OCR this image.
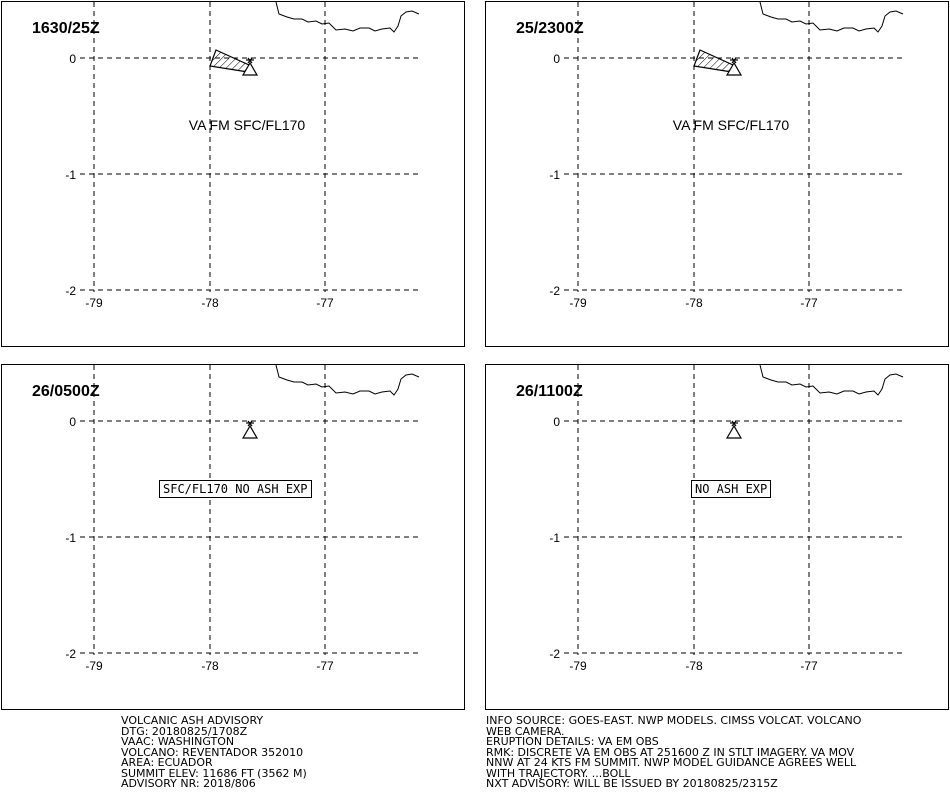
0
-1
-2
-79	-78	-77
VA FM SFC/FL170
1630/25Z
0
-1
-2
-79	-78	-77
VA FM SFC/FL170
25/2300Z
0
-1
-2
-79	-78	-77
26/0500Z
SFC/FL170 NO ASH EXP
0
-1
-2
-79	-78	-77
26/1100Z
NO ASH EXP
VOLCANIC ASH ADVISORY
DTG: 20180825/1708Z
VAAC: WASHINGTON
VOLCANO: REVENTADOR 352010
AREA: ECUADOR
SUMMIT ELEV: 11686 FT (3562 M)
ADVISORY NR: 2018/806
INFO SOURCE: GOES-EAST. NWP MODELS. CIMSS VOLCAT. VOLCANO
WEB CAMERA.
ERUPTION DETAILS: VA EM OBS
RMK: DISCRETE VA EM OBS AT 251600 Z IN STLT IMAGERY. VA MOV
NNW AT 24 KTS FM SUMMIT. NWP MODEL GUIDANCE AGREES WELL
WITH TRAJECTORY. ...BOLL
NXT ADVISORY: WILL BE ISSUED BY 20180825/2315Z
